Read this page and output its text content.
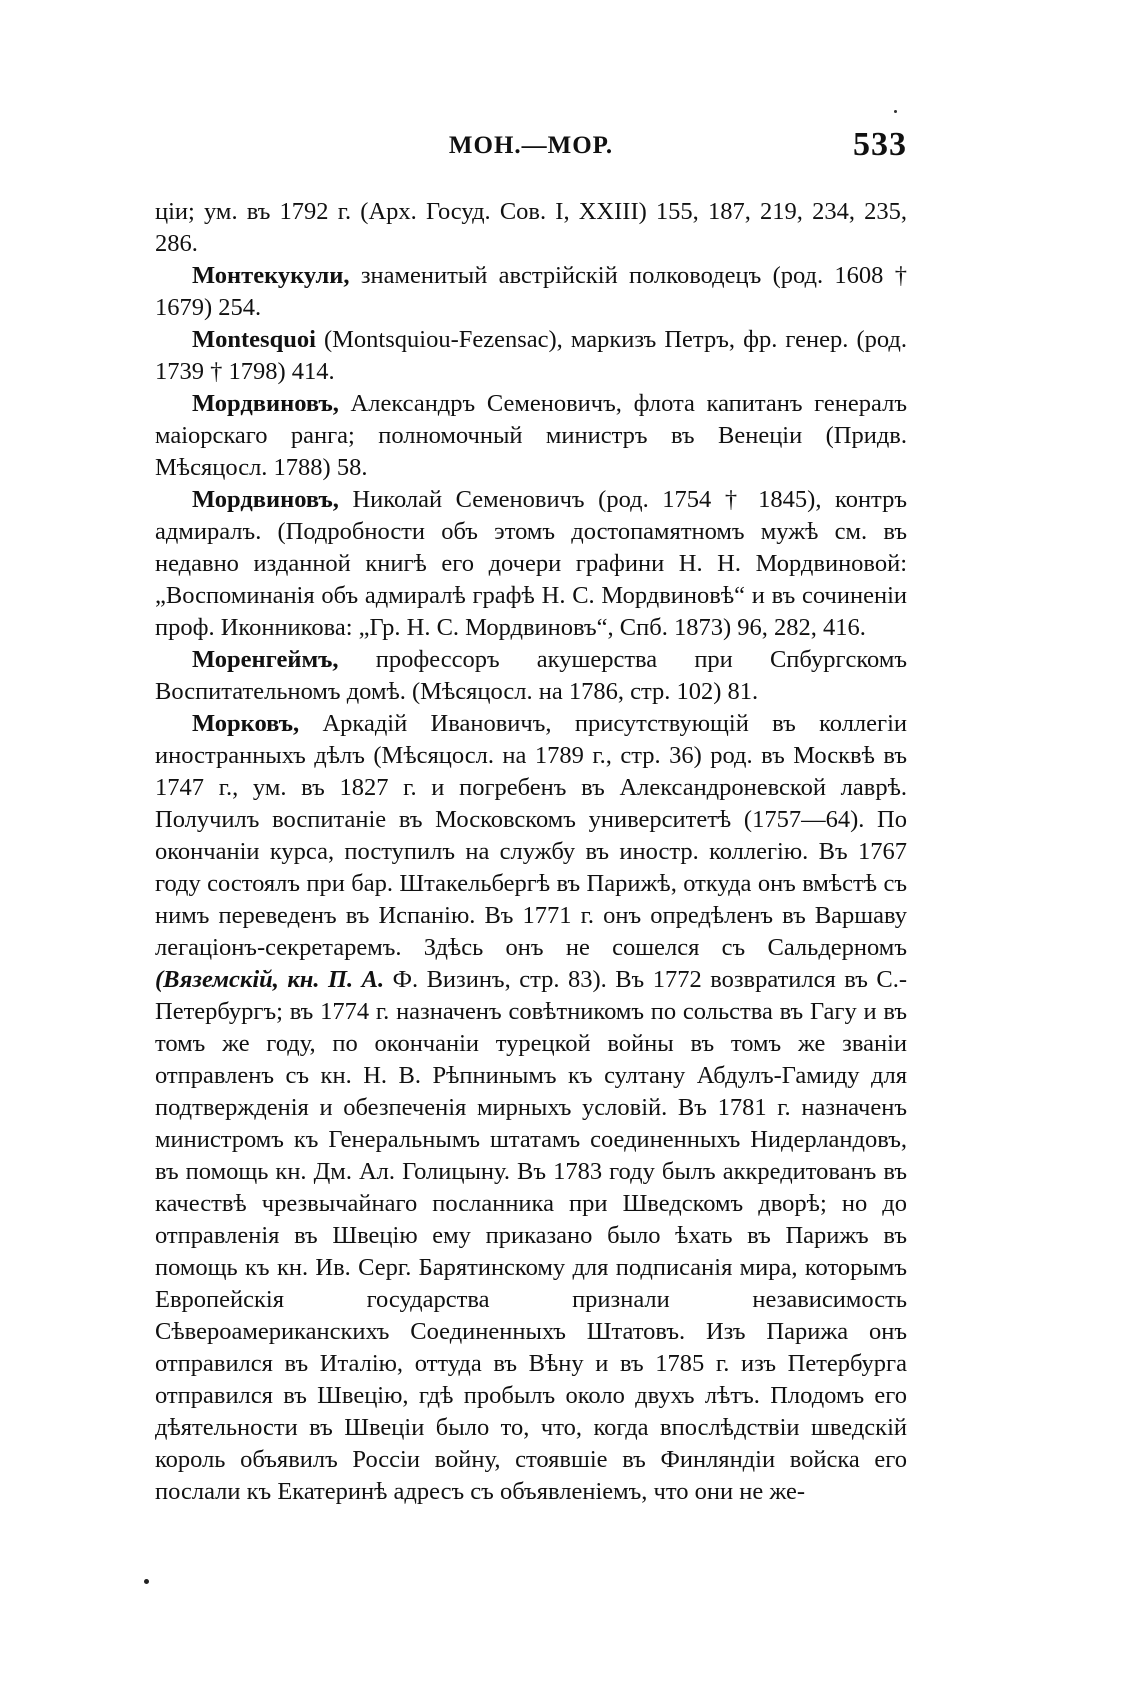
МОН.—МОР.	533

ціи; ум. въ 1792 г. (Арх. Госуд. Сов. I, XXIII) 155, 187, 219, 234, 235, 286.

Монтекукули, знаменитый австрійскій полководецъ (род. 1608 † 1679) 254.

Montesquoi (Montsquiou-Fezensac), маркизъ Петръ, фр. генер. (род. 1739 † 1798) 414.

Мордвиновъ, Александръ Семеновичъ, флота капитанъ генералъ маіорскаго ранга; полномочный министръ въ Венеціи (Придв. Мѣсяцосл. 1788) 58.

Мордвиновъ, Николай Семеновичъ (род. 1754 † 1845), контръ адмиралъ. (Подробности объ этомъ достопамятномъ мужѣ см. въ недавно изданной книгѣ его дочери графини Н. Н. Мордвиновой: „Воспоминанія объ адмиралѣ графѣ Н. С. Мордвиновѣ“ и въ сочиненіи проф. Иконникова: „Гр. Н. С. Мордвиновъ“, Спб. 1873) 96, 282, 416.

Моренгеймъ, профессоръ акушерства при Спбургскомъ Воспитательномъ домѣ. (Мѣсяцосл. на 1786, стр. 102) 81.

Морковъ, Аркадій Ивановичъ, присутствующій въ коллегіи иностранныхъ дѣлъ (Мѣсяцосл. на 1789 г., стр. 36) род. въ Москвѣ въ 1747 г., ум. въ 1827 г. и погребенъ въ Александроневской лаврѣ. Получилъ воспитаніе въ Московскомъ университетѣ (1757—64). По окончаніи курса, поступилъ на службу въ иностр. коллегію. Въ 1767 году состоялъ при бар. Штакельбергѣ въ Парижѣ, откуда онъ вмѣстѣ съ нимъ переведенъ въ Испанію. Въ 1771 г. онъ опредѣленъ въ Варшаву легаціонъ-секретаремъ. Здѣсь онъ не сошелся съ Сальдерномъ (Вяземскій, кн. П. А. Ф. Визинъ, стр. 83). Въ 1772 возвратился въ С.-Петербургъ; въ 1774 г. назначенъ совѣтникомъ по сольства въ Гагу и въ томъ же году, по окончаніи турецкой войны въ томъ же званіи отправленъ съ кн. Н. В. Рѣпнинымъ къ султану Абдулъ-Гамиду для подтвержденія и обезпеченія мирныхъ условій. Въ 1781 г. назначенъ министромъ къ Генеральнымъ штатамъ соединенныхъ Нидерландовъ, въ помощь кн. Дм. Ал. Голицыну. Въ 1783 году былъ аккредитованъ въ качествѣ чрезвычайнаго посланника при Шведскомъ дворѣ; но до отправленія въ Швецію ему приказано было ѣхать въ Парижъ въ помощь къ кн. Ив. Серг. Барятинскому для подписанія мира, которымъ Европейскія государства признали независимость Сѣвероамериканскихъ Соединенныхъ Штатовъ. Изъ Парижа онъ отправился въ Италію, оттуда въ Вѣну и въ 1785 г. изъ Петербурга отправился въ Швецію, гдѣ пробылъ около двухъ лѣтъ. Плодомъ его дѣятельности въ Швеціи было то, что, когда впослѣдствіи шведскій король объявилъ Россіи войну, стоявшіе въ Финляндіи войска его послали къ Екатеринѣ адресъ съ объявленіемъ, что они не же-
